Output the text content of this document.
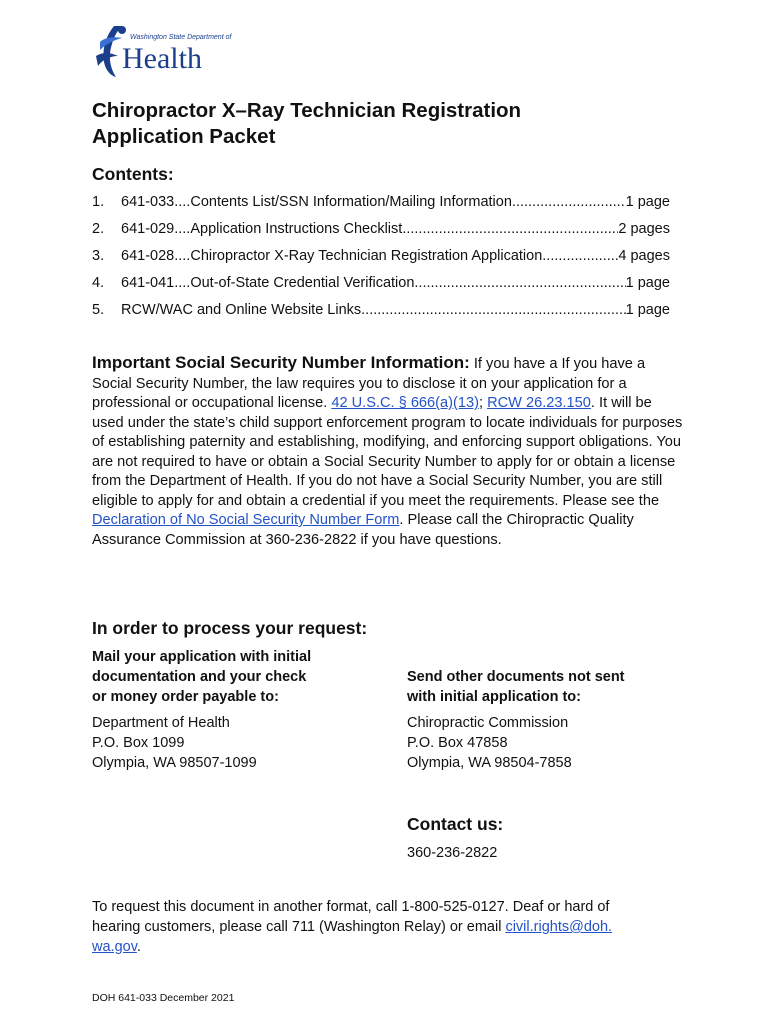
Washington State Department of
Health
Chiropractor X–Ray Technician Registration
Application Packet
Contents:
1.	641-033 .... Contents List/SSN Information/Mailing Information .....	1 page
2.	641-029 .... Application Instructions Checklist .....	2 pages
3.	641-028 .... Chiropractor X-Ray Technician Registration Application .....	4 pages
4.	641-041 .... Out-of-State Credential Verification .....	1 page
5.	RCW/WAC and Online Website Links .....	1 page
Important Social Security Number Information: If you have a If you have a Social Security Number, the law requires you to disclose it on your application for a professional or occupational license. 42 U.S.C. § 666(a)(13); RCW 26.23.150. It will be used under the state’s child support enforcement program to locate individuals for purposes of establishing paternity and establishing, modifying, and enforcing support obligations. You are not required to have or obtain a Social Security Number to apply for or obtain a license from the Department of Health. If you do not have a Social Security Number, you are still eligible to apply for and obtain a credential if you meet the requirements. Please see the Declaration of No Social Security Number Form. Please call the Chiropractic Quality Assurance Commission at 360-236-2822 if you have questions.
In order to process your request:
Mail your application with initial
documentation and your check
or money order payable to:
Department of Health
P.O. Box 1099
Olympia, WA 98507-1099
Send other documents not sent
with initial application to:
Chiropractic Commission
P.O. Box 47858
Olympia, WA 98504-7858
Contact us:
360-236-2822
To request this document in another format, call 1-800-525-0127. Deaf or hard of hearing customers, please call 711 (Washington Relay) or email civil.rights@doh.
wa.gov.
DOH 641-033 December 2021
